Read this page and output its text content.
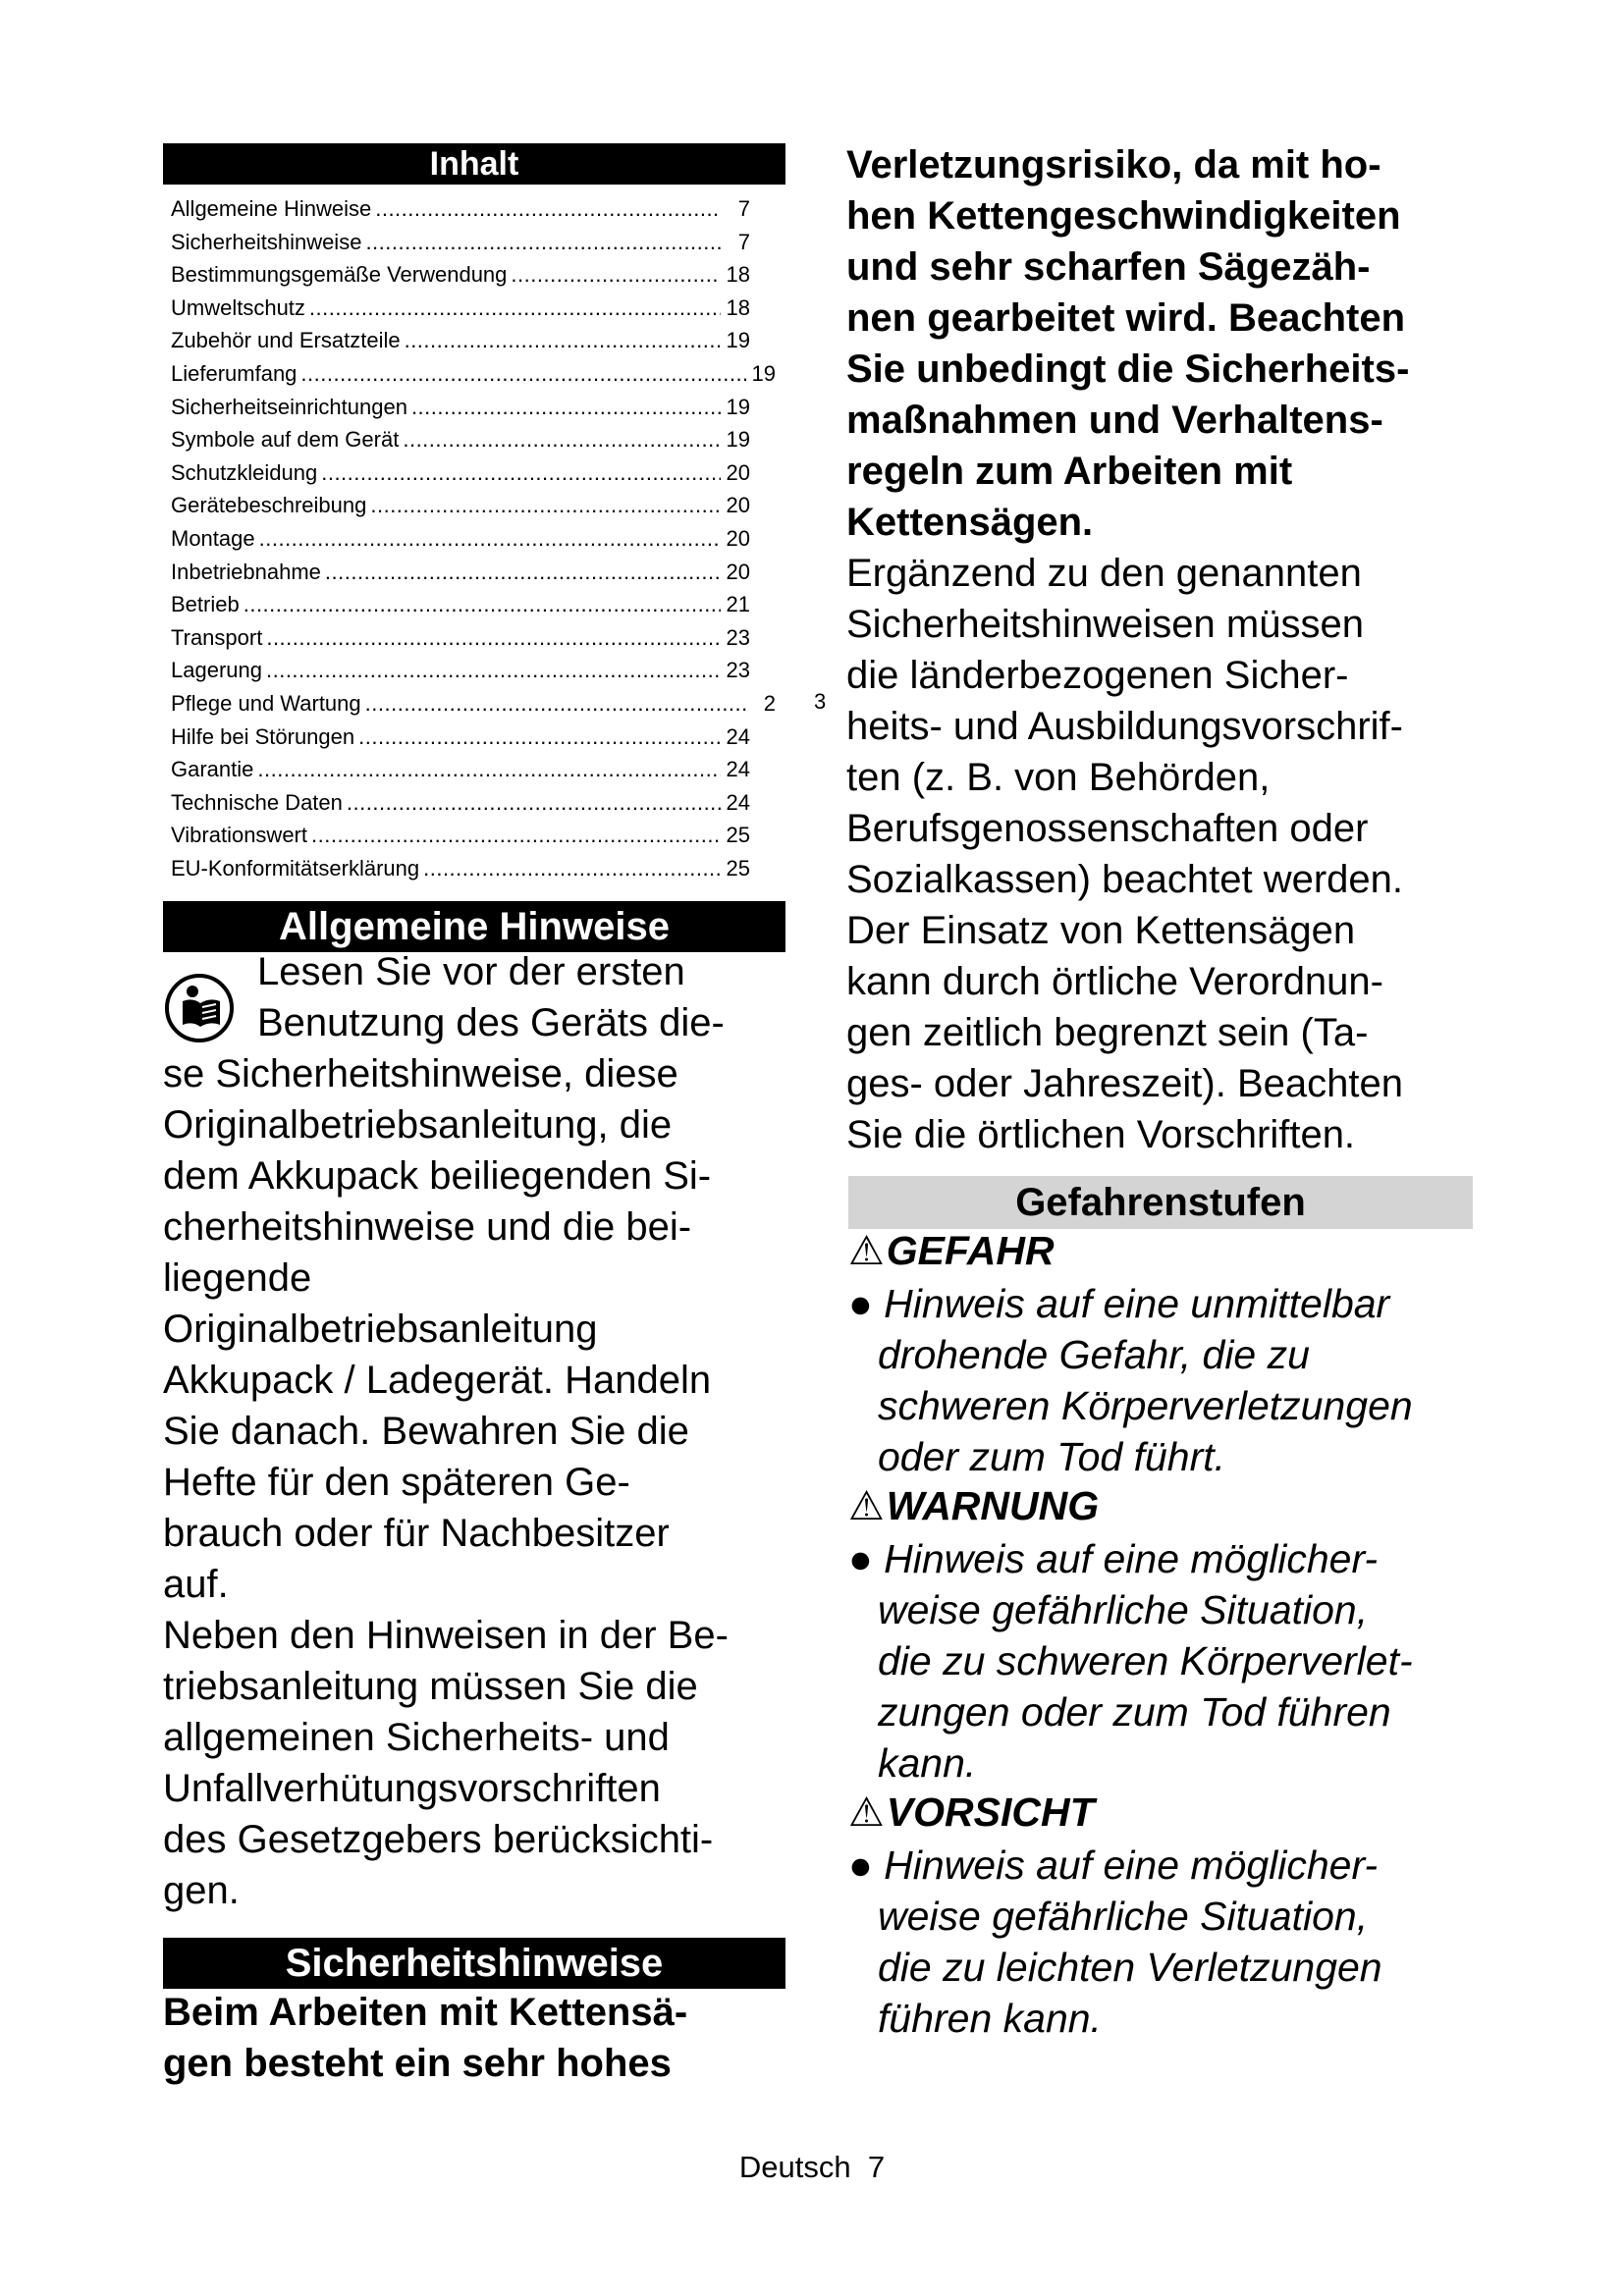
Inhalt
Allgemeine Hinweise .....	7
Sicherheitshinweise .....	7
Bestimmungsgemäße Verwendung .....	18
Umweltschutz .....	18
Zubehör und Ersatzteile .....	19
Lieferumfang .....	19
Sicherheitseinrichtungen .....	19
Symbole auf dem Gerät .....	19
Schutzkleidung .....	20
Gerätebeschreibung .....	20
Montage .....	20
Inbetriebnahme .....	20
Betrieb .....	21
Transport .....	23
Lagerung .....	23
Pflege und Wartung .....	2
Hilfe bei Störungen .....	24
Garantie .....	24
Technische Daten .....	24
Vibrationswert .....	25
EU-Konformitätserklärung .....	25
3
Allgemeine Hinweise

Lesen Sie vor der ersten

Benutzung des Geräts die-

se Sicherheitshinweise, diese

Originalbetriebsanleitung, die

dem Akkupack beiliegenden Si-

cherheitshinweise und die bei-

liegende

Originalbetriebsanleitung

Akkupack / Ladegerät. Handeln

Sie danach. Bewahren Sie die

Hefte für den späteren Ge-

brauch oder für Nachbesitzer

auf.

Neben den Hinweisen in der Be-

triebsanleitung müssen Sie die

allgemeinen Sicherheits- und

Unfallverhütungsvorschriften

des Gesetzgebers berücksichti-

gen.

Sicherheitshinweise

Beim Arbeiten mit Kettensä-

gen besteht ein sehr hohes

Verletzungsrisiko, da mit ho-

hen Kettengeschwindigkeiten

und sehr scharfen Sägezäh-

nen gearbeitet wird. Beachten

Sie unbedingt die Sicherheits-

maßnahmen und Verhaltens-

regeln zum Arbeiten mit

Kettensägen.

Ergänzend zu den genannten

Sicherheitshinweisen müssen

die länderbezogenen Sicher-

heits- und Ausbildungsvorschrif-

ten (z. B. von Behörden,

Berufsgenossenschaften oder

Sozialkassen) beachtet werden.

Der Einsatz von Kettensägen

kann durch örtliche Verordnun-

gen zeitlich begrenzt sein (Ta-

ges- oder Jahreszeit). Beachten

Sie die örtlichen Vorschriften.

Gefahrenstufen
⚠GEFAHR

● Hinweis auf eine unmittelbar
drohende Gefahr, die zu
schweren Körperverletzungen
oder zum Tod führt.

⚠WARNUNG

● Hinweis auf eine möglicher-
weise gefährliche Situation,
die zu schweren Körperverlet-
zungen oder zum Tod führen
kann.

⚠VORSICHT

● Hinweis auf eine möglicher-
weise gefährliche Situation,
die zu leichten Verletzungen
führen kann.

Deutsch 7
